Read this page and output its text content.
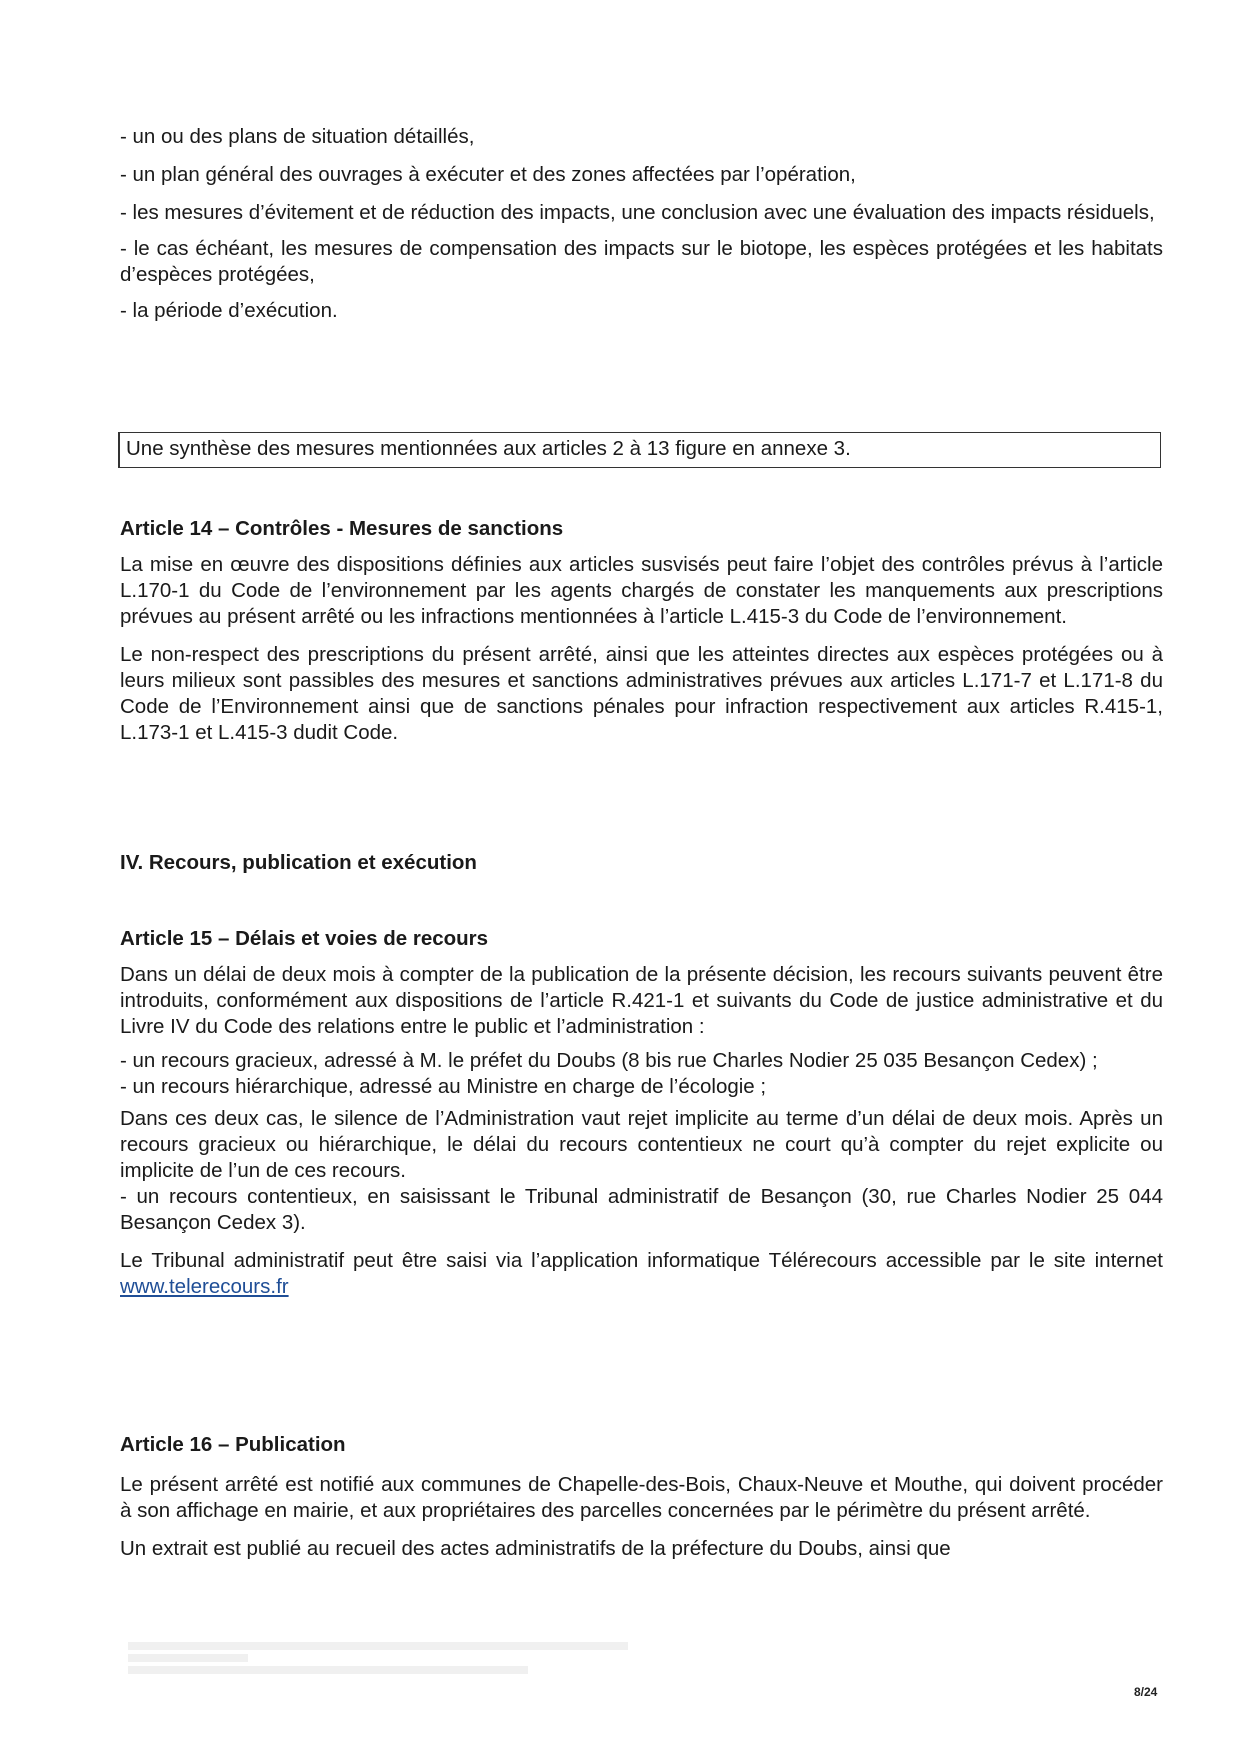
- un ou des plans de situation détaillés,

- un plan général des ouvrages à exécuter et des zones affectées par l’opération,

- les mesures d’évitement et de réduction des impacts, une conclusion avec une évaluation des impacts résiduels,

- le cas échéant, les mesures de compensation des impacts sur le biotope, les espèces protégées et les habitats d’espèces protégées,

- la période d’exécution.

Une synthèse des mesures mentionnées aux articles 2 à 13 figure en annexe 3.

Article 14 – Contrôles - Mesures de sanctions

La mise en œuvre des dispositions définies aux articles susvisés peut faire l’objet des contrôles prévus à l’article L.170-1 du Code de l’environnement par les agents chargés de constater les manquements aux prescriptions prévues au présent arrêté ou les infractions mentionnées à l’article L.415-3 du Code de l’environnement.

Le non-respect des prescriptions du présent arrêté, ainsi que les atteintes directes aux espèces protégées ou à leurs milieux sont passibles des mesures et sanctions administratives prévues aux articles L.171-7 et L.171-8 du Code de l’Environnement ainsi que de sanctions pénales pour infraction respectivement aux articles R.415-1, L.173-1 et L.415-3 dudit Code.

IV. Recours, publication et exécution

Article 15 – Délais et voies de recours

Dans un délai de deux mois à compter de la publication de la présente décision, les recours suivants peuvent être introduits, conformément aux dispositions de l’article R.421-1 et suivants du Code de justice administrative et du Livre IV du Code des relations entre le public et l’administration :

- un recours gracieux, adressé à M. le préfet du Doubs (8 bis rue Charles Nodier 25 035 Besançon Cedex) ;

- un recours hiérarchique, adressé au Ministre en charge de l’écologie ;

Dans ces deux cas, le silence de l’Administration vaut rejet implicite au terme d’un délai de deux mois. Après un recours gracieux ou hiérarchique, le délai du recours contentieux ne court qu’à compter du rejet explicite ou implicite de l’un de ces recours.

- un recours contentieux, en saisissant le Tribunal administratif de Besançon (30, rue Charles Nodier 25 044 Besançon Cedex 3).

Le Tribunal administratif peut être saisi via l’application informatique Télérecours accessible par le site internet www.telerecours.fr

Article 16 – Publication

Le présent arrêté est notifié aux communes de Chapelle-des-Bois, Chaux-Neuve et Mouthe, qui doivent procéder à son affichage en mairie, et aux propriétaires des parcelles concernées par le périmètre du présent arrêté.

Un extrait est publié au recueil des actes administratifs de la préfecture du Doubs, ainsi que

8/24
